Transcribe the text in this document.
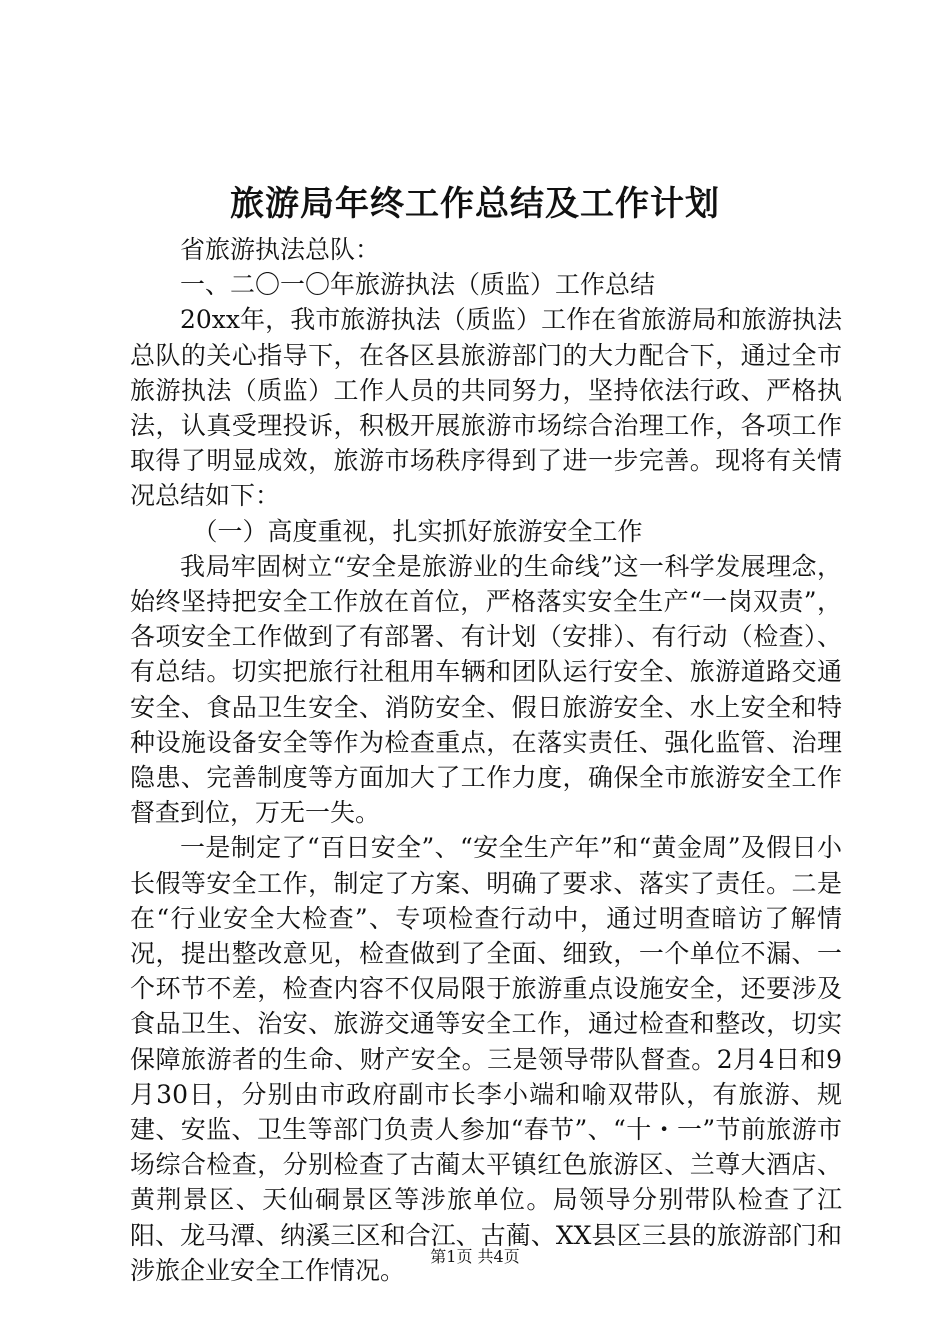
旅游局年终工作总结及工作计划

省旅游执法总队：

一、二〇一〇年旅游执法（质监）工作总结

20xx年，我市旅游执法（质监）工作在省旅游局和旅游执法总队的关心指导下，在各区县旅游部门的大力配合下，通过全市旅游执法（质监）工作人员的共同努力，坚持依法行政、严格执法，认真受理投诉，积极开展旅游市场综合治理工作，各项工作取得了明显成效，旅游市场秩序得到了进一步完善。现将有关情况总结如下：

（一）高度重视，扎实抓好旅游安全工作

我局牢固树立“安全是旅游业的生命线”这一科学发展理念，始终坚持把安全工作放在首位，严格落实安全生产“一岗双责”，各项安全工作做到了有部署、有计划（安排）、有行动（检查）、有总结。切实把旅行社租用车辆和团队运行安全、旅游道路交通安全、食品卫生安全、消防安全、假日旅游安全、水上安全和特种设施设备安全等作为检查重点，在落实责任、强化监管、治理隐患、完善制度等方面加大了工作力度，确保全市旅游安全工作督查到位，万无一失。

一是制定了“百日安全”、“安全生产年”和“黄金周”及假日小长假等安全工作，制定了方案、明确了要求、落实了责任。二是在“行业安全大检查”、专项检查行动中，通过明查暗访了解情况，提出整改意见，检查做到了全面、细致，一个单位不漏、一个环节不差，检查内容不仅局限于旅游重点设施安全，还要涉及食品卫生、治安、旅游交通等安全工作，通过检查和整改，切实保障旅游者的生命、财产安全。三是领导带队督查。2月4日和9月30日，分别由市政府副市长李小端和喻双带队，有旅游、规建、安监、卫生等部门负责人参加“春节”、“十・一”节前旅游市场综合检查，分别检查了古蔺太平镇红色旅游区、兰尊大酒店、黄荆景区、天仙硐景区等涉旅单位。局领导分别带队检查了江阳、龙马潭、纳溪三区和合江、古蔺、XX县区三县的旅游部门和涉旅企业安全工作情况。	第1页 共4页
